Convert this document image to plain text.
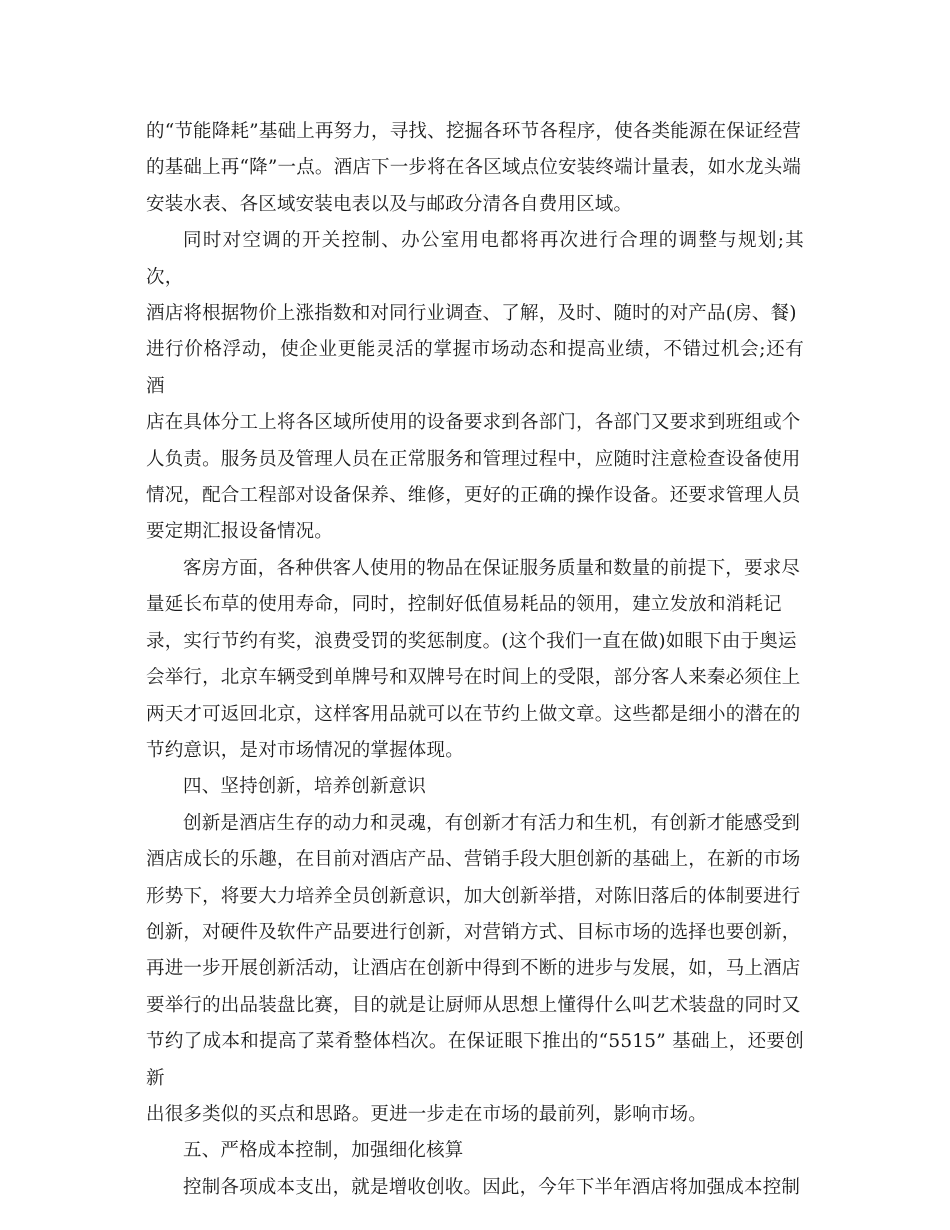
的“节能降耗”基础上再努力，寻找、挖掘各环节各程序，使各类能源在保证经营
的基础上再“降”一点。酒店下一步将在各区域点位安装终端计量表，如水龙头端
安装水表、各区域安装电表以及与邮政分清各自费用区域。

同时对空调的开关控制、办公室用电都将再次进行合理的调整与规划;其次，
酒店将根据物价上涨指数和对同行业调查、了解，及时、随时的对产品(房、餐)
进行价格浮动，使企业更能灵活的掌握市场动态和提高业绩，不错过机会;还有酒
店在具体分工上将各区域所使用的设备要求到各部门，各部门又要求到班组或个
人负责。服务员及管理人员在正常服务和管理过程中，应随时注意检查设备使用
情况，配合工程部对设备保养、维修，更好的正确的操作设备。还要求管理人员
要定期汇报设备情况。

客房方面，各种供客人使用的物品在保证服务质量和数量的前提下，要求尽
量延长布草的使用寿命，同时，控制好低值易耗品的领用，建立发放和消耗记
录，实行节约有奖，浪费受罚的奖惩制度。(这个我们一直在做)如眼下由于奥运
会举行，北京车辆受到单牌号和双牌号在时间上的受限，部分客人来秦必须住上
两天才可返回北京，这样客用品就可以在节约上做文章。这些都是细小的潜在的
节约意识，是对市场情况的掌握体现。

四、坚持创新，培养创新意识

创新是酒店生存的动力和灵魂，有创新才有活力和生机，有创新才能感受到
酒店成长的乐趣，在目前对酒店产品、营销手段大胆创新的基础上，在新的市场
形势下，将要大力培养全员创新意识，加大创新举措，对陈旧落后的体制要进行
创新，对硬件及软件产品要进行创新，对营销方式、目标市场的选择也要创新，
再进一步开展创新活动，让酒店在创新中得到不断的进步与发展，如，马上酒店
要举行的出品装盘比赛，目的就是让厨师从思想上懂得什么叫艺术装盘的同时又
节约了成本和提高了菜肴整体档次。在保证眼下推出的“5515” 基础上，还要创新
出很多类似的买点和思路。更进一步走在市场的最前列，影响市场。

五、严格成本控制，加强细化核算

控制各项成本支出，就是增收创收。因此，今年下半年酒店将加强成本控制
